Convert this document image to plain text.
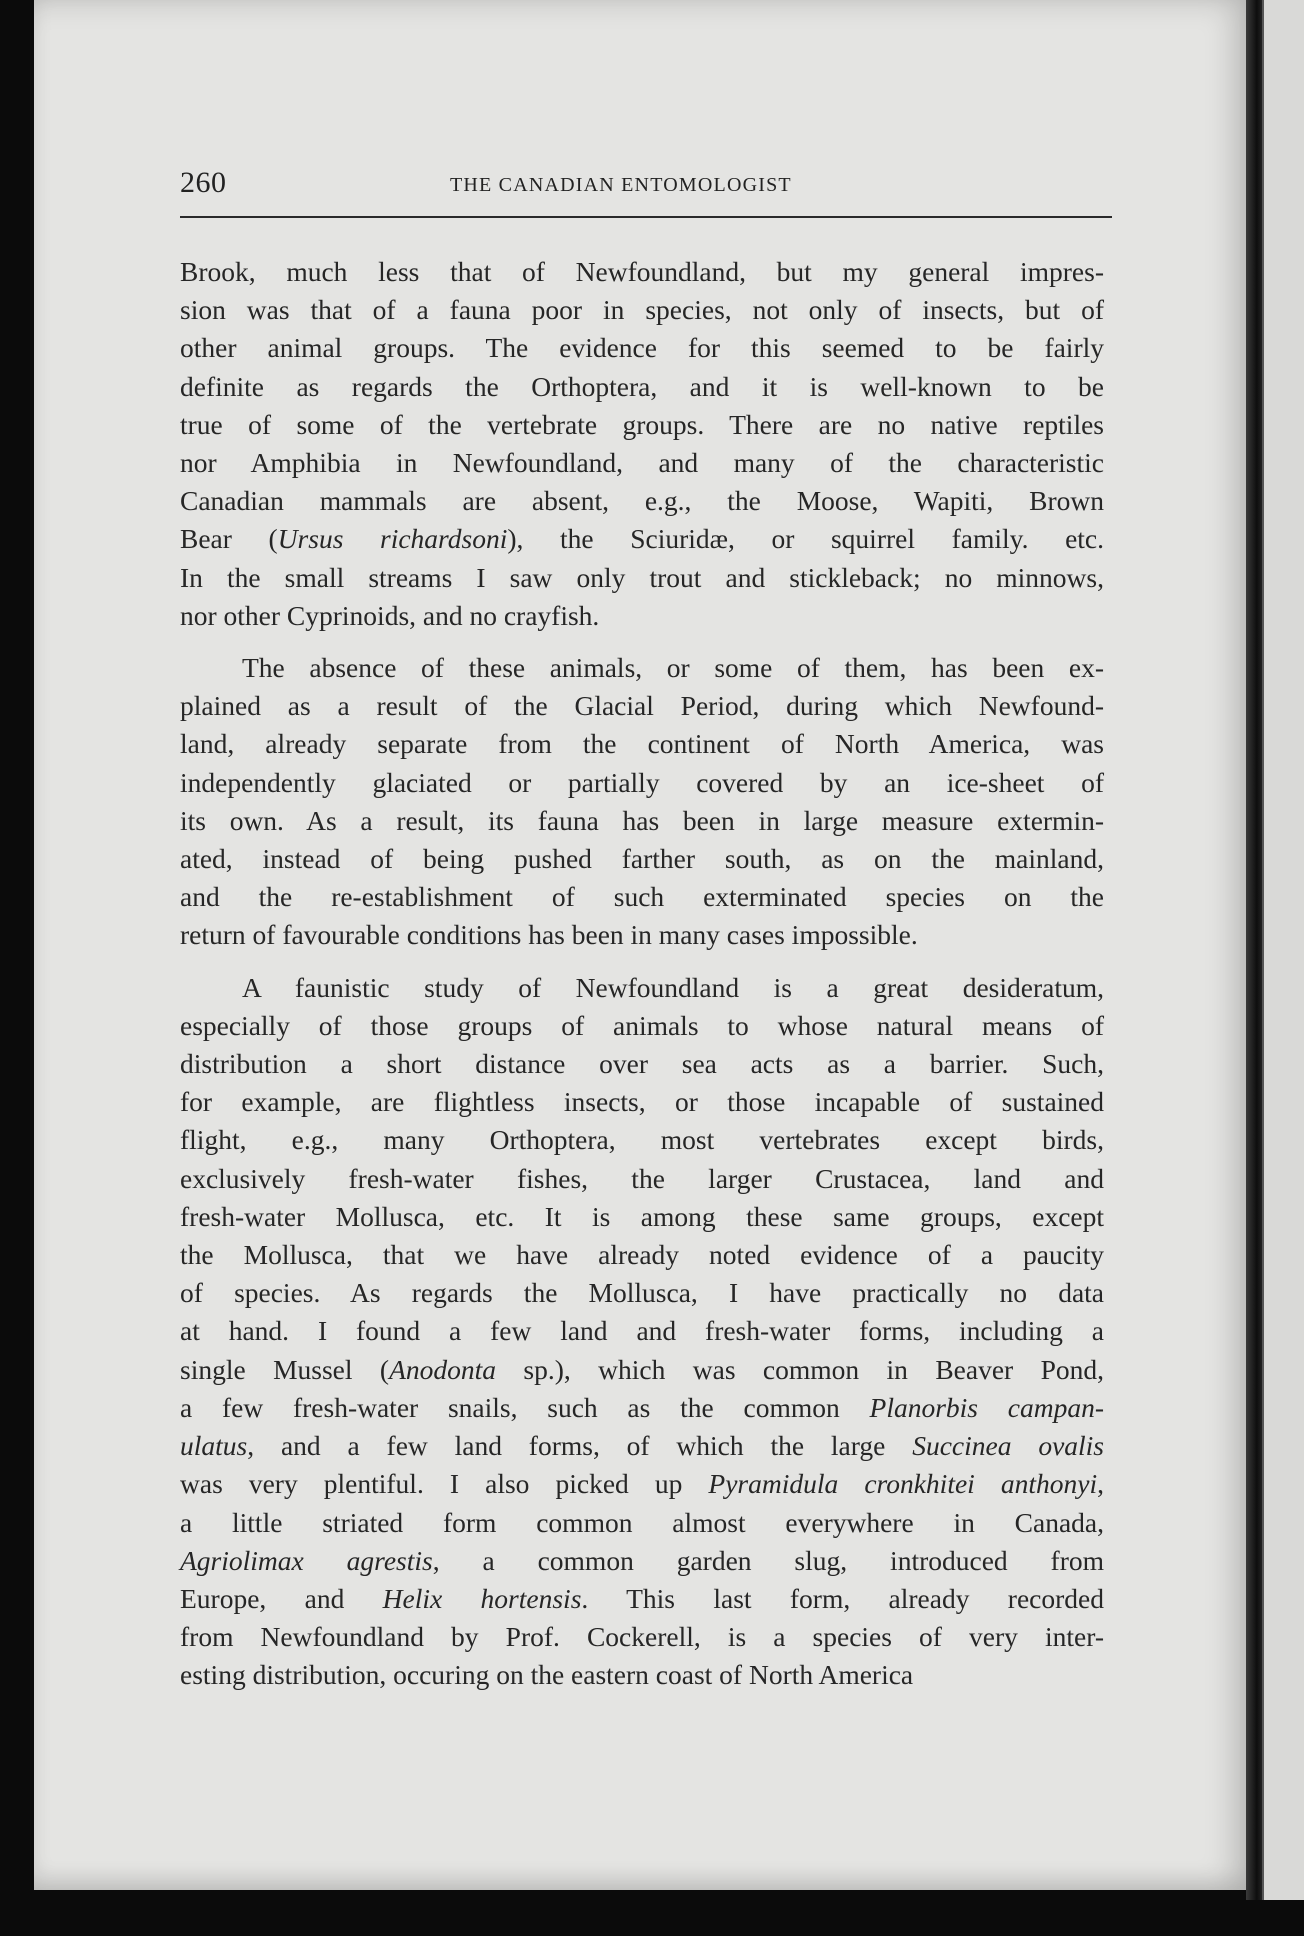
260	THE CANADIAN ENTOMOLOGIST

Brook, much less that of Newfoundland, but my general impres-
sion was that of a fauna poor in species, not only of insects, but of
other animal groups. The evidence for this seemed to be fairly
definite as regards the Orthoptera, and it is well-known to be
true of some of the vertebrate groups. There are no native reptiles
nor Amphibia in Newfoundland, and many of the characteristic
Canadian mammals are absent, e.g., the Moose, Wapiti, Brown
Bear (Ursus richardsoni), the Sciuridæ, or squirrel family. etc.
In the small streams I saw only trout and stickleback; no minnows,
nor other Cyprinoids, and no crayfish.

The absence of these animals, or some of them, has been ex-
plained as a result of the Glacial Period, during which Newfound-
land, already separate from the continent of North America, was
independently glaciated or partially covered by an ice-sheet of
its own. As a result, its fauna has been in large measure extermin-
ated, instead of being pushed farther south, as on the mainland,
and the re-establishment of such exterminated species on the
return of favourable conditions has been in many cases impossible.

A faunistic study of Newfoundland is a great desideratum,
especially of those groups of animals to whose natural means of
distribution a short distance over sea acts as a barrier. Such,
for example, are flightless insects, or those incapable of sustained
flight, e.g., many Orthoptera, most vertebrates except birds,
exclusively fresh-water fishes, the larger Crustacea, land and
fresh-water Mollusca, etc. It is among these same groups, except
the Mollusca, that we have already noted evidence of a paucity
of species. As regards the Mollusca, I have practically no data
at hand. I found a few land and fresh-water forms, including a
single Mussel (Anodonta sp.), which was common in Beaver Pond,
a few fresh-water snails, such as the common Planorbis campan-
ulatus, and a few land forms, of which the large Succinea ovalis
was very plentiful. I also picked up Pyramidula cronkhitei anthonyi,
a little striated form common almost everywhere in Canada,
Agriolimax agrestis, a common garden slug, introduced from
Europe, and Helix hortensis. This last form, already recorded
from Newfoundland by Prof. Cockerell, is a species of very inter-
esting distribution, occuring on the eastern coast of North America
